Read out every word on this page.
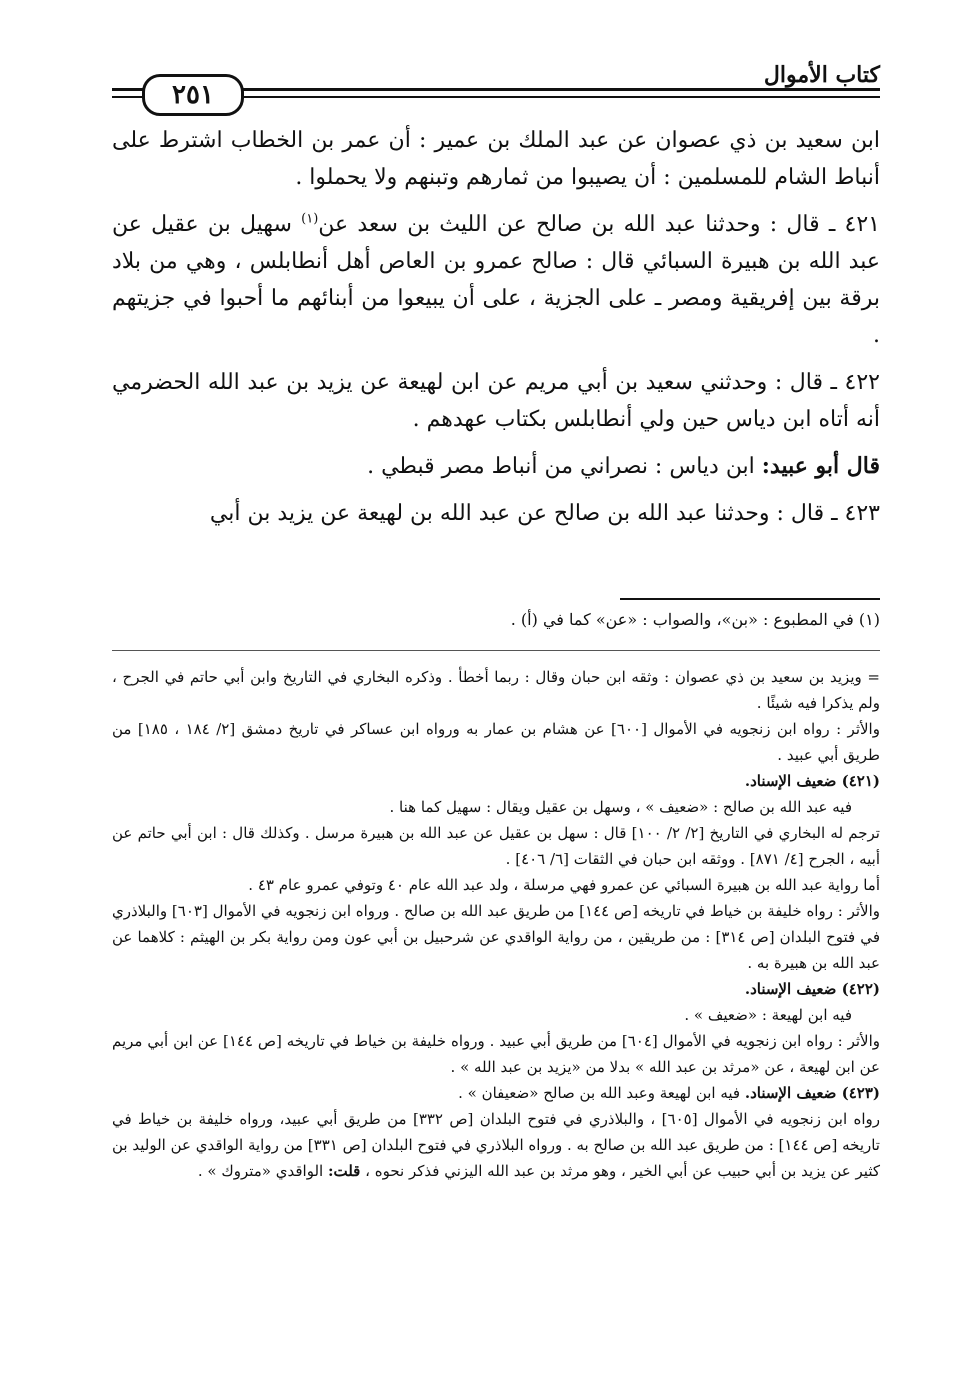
٢٥١
كتاب الأموال

ابن سعيد بن ذي عصوان عن عبد الملك بن عمير : أن عمر بن الخطاب اشترط على أنباط الشام للمسلمين : أن يصيبوا من ثمارهم وتبنهم ولا يحملوا .

٤٢١ ـ قال : وحدثنا عبد الله بن صالح عن الليث بن سعد عن$^{(١)}$ سهيل بن عقيل عن عبد الله بن هبيرة السبائي قال : صالح عمرو بن العاص أهل أنطابلس ، وهي من بلاد برقة بين إفريقية ومصر ـ على الجزية ، على أن يبيعوا من أبنائهم ما أحبوا في جزيتهم .

٤٢٢ ـ قال : وحدثني سعيد بن أبي مريم عن ابن لهيعة عن يزيد بن عبد الله الحضرمي أنه أتاه ابن دياس حين ولي أنطابلس بكتاب عهدهم .

قال أبو عبيد: ابن دياس : نصراني من أنباط مصر قبطي .

٤٢٣ ـ قال : وحدثنا عبد الله بن صالح عن عبد الله بن لهيعة عن يزيد بن أبي

(١) في المطبوع : «بن»، والصواب : «عن» كما في (أ) .

= ويزيد بن سعيد بن ذي عصوان : وثقه ابن حبان وقال : ربما أخطأ . وذكره البخاري في التاريخ وابن أبي حاتم في الجرح ، ولم يذكرا فيه شيئًا .

والأثر : رواه ابن زنجويه في الأموال [٦٠٠] عن هشام بن عمار به ورواه ابن عساكر في تاريخ دمشق [٢/ ١٨٤ ، ١٨٥] من طريق أبي عبيد .

(٤٢١) ضعيف الإسناد.

فيه عبد الله بن صالح : «ضعيف » ، وسهل بن عقيل ويقال : سهيل كما هنا .

ترجم له البخاري في التاريخ [٢/ ٢/ ١٠٠] قال : سهل بن عقيل عن عبد الله بن هبيرة مرسل . وكذلك قال : ابن أبي حاتم عن أبيه ، الجرح [٤/ ٨٧١] . ووثقه ابن حبان في الثقات [٦/ ٤٠٦] .

أما رواية عبد الله بن هبيرة السبائي عن عمرو فهي مرسلة ، ولد عبد الله عام ٤٠ وتوفي عمرو عام ٤٣ .

والأثر : رواه خليفة بن خياط في تاريخه [ص ١٤٤] من طريق عبد الله بن صالح . ورواه ابن زنجويه في الأموال [٦٠٣] والبلاذري في فتوح البلدان [ص ٣١٤] : من طريقين ، من رواية الواقدي عن شرحبيل بن أبي عون ومن رواية بكر بن الهيثم : كلاهما عن عبد الله بن هبيرة به .

(٤٢٢) ضعيف الإسناد.

فيه ابن لهيعة : «ضعيف » .

والأثر : رواه ابن زنجويه في الأموال [٦٠٤] من طريق أبي عبيد . ورواه خليفة بن خياط في تاريخه [ص ١٤٤] عن ابن أبي مريم عن ابن لهيعة ، عن «مرثد بن عبد الله » بدلا من «يزيد بن عبد الله » .

(٤٢٣) ضعيف الإسناد. فيه ابن لهيعة وعبد الله بن صالح «ضعيفان » .

رواه ابن زنجويه في الأموال [٦٠٥] ، والبلاذري في فتوح البلدان [ص ٣٣٢] من طريق أبي عبيد، ورواه خليفة بن خياط في تاريخه [ص ١٤٤] : من طريق عبد الله بن صالح به . ورواه البلاذري في فتوح البلدان [ص ٣٣١] من رواية الواقدي عن الوليد بن كثير عن يزيد بن أبي حبيب عن أبي الخير ، وهو مرثد بن عبد الله اليزني فذكر نحوه ، قلت: الواقدي «متروك » .
